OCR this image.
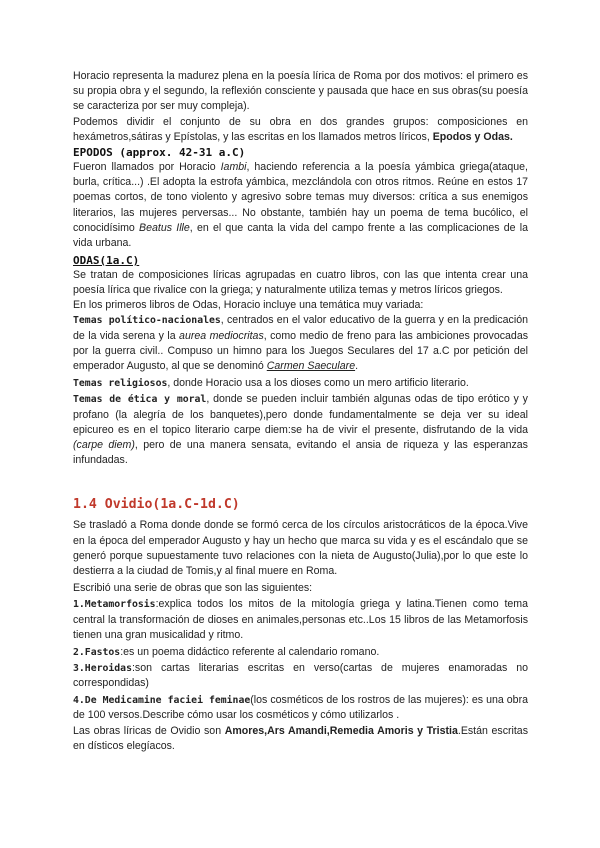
Horacio representa la madurez plena en la poesía lírica de Roma por dos motivos: el primero es su propia obra y el segundo, la reflexión consciente y pausada que hace en sus obras(su poesía se caracteriza por ser muy compleja).

Podemos dividir el conjunto de su obra en dos grandes grupos: composiciones en hexámetros,sátiras y Epístolas, y las escritas en los llamados metros líricos, Epodos y Odas.

EPODOS (approx. 42-31 a.C)

Fueron llamados por Horacio Iambi, haciendo referencia a la poesía yámbica griega(ataque, burla, crítica...) .El adopta la estrofa yámbica, mezclándola con otros ritmos. Reúne en estos 17 poemas cortos, de tono violento y agresivo sobre temas muy diversos: crítica a sus enemigos literarios, las mujeres perversas... No obstante, también hay un poema de tema bucólico, el conocidísimo Beatus Ille, en el que canta la vida del campo frente a las complicaciones de la vida urbana.

ODAS(1a.C)

Se tratan de composiciones líricas agrupadas en cuatro libros, con las que intenta crear una poesía lírica que rivalice con la griega; y naturalmente utiliza temas y metros líricos griegos.

En los primeros libros de Odas, Horacio incluye una temática muy variada:

Temas político-nacionales, centrados en el valor educativo de la guerra y en la predicación de la vida serena y la aurea mediocritas, como medio de freno para las ambiciones provocadas por la guerra civil.. Compuso un himno para los Juegos Seculares del 17 a.C por petición del emperador Augusto, al que se denominó Carmen Saeculare.

Temas religiosos, donde Horacio usa a los dioses como un mero artificio literario.

Temas de ética y moral, donde se pueden incluir también algunas odas de tipo erótico y y profano (la alegría de los banquetes),pero donde fundamentalmente se deja ver su ideal epicureo es en el topico literario carpe diem:se ha de vivir el presente, disfrutando de la vida (carpe diem), pero de una manera sensata, evitando el ansia de riqueza y las esperanzas infundadas.

1.4 Ovidio(1a.C-1d.C)

Se trasladó a Roma donde donde se formó cerca de los círculos aristocráticos de la época.Vive en la época del emperador Augusto y hay un hecho que marca su vida y es el escándalo que se generó porque supuestamente tuvo relaciones con la nieta de Augusto(Julia),por lo que este lo destierra a la ciudad de Tomis,y al final muere en Roma.

Escribió una serie de obras que son las siguientes:

1.Metamorfosis:explica todos los mitos de la mitología griega y latina.Tienen como tema central la transformación de dioses en animales,personas etc..Los 15 libros de las Metamorfosis tienen una gran musicalidad y ritmo.

2.Fastos:es un poema didáctico referente al calendario romano.

3.Heroidas:son cartas literarias escritas en verso(cartas de mujeres enamoradas no correspondidas)

4.De Medicamine faciei feminae(los cosméticos de los rostros de las mujeres): es una obra de 100 versos.Describe cómo usar los cosméticos y cómo utilizarlos .

Las obras líricas de Ovidio son Amores,Ars Amandi,Remedia Amoris y Tristia.Están escritas en dísticos elegíacos.
